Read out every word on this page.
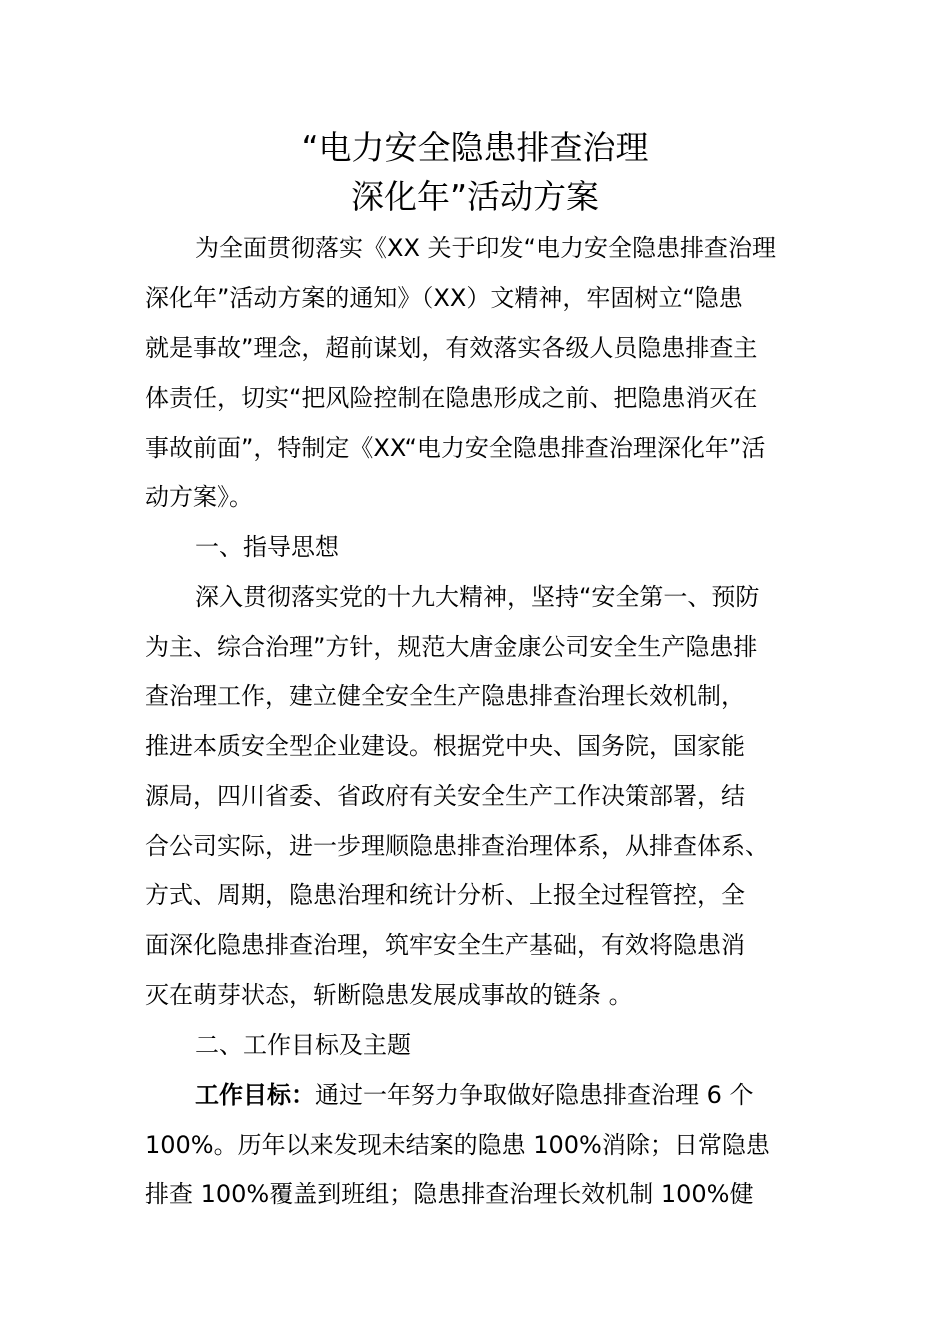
“电力安全隐患排查治理
深化年”活动方案
为全面贯彻落实《XX 关于印发“电力安全隐患排查治理
深化年”活动方案的通知》（XX）文精神，牢固树立“隐患
就是事故”理念，超前谋划，有效落实各级人员隐患排查主
体责任，切实“把风险控制在隐患形成之前、把隐患消灭在
事故前面”，特制定《XX“电力安全隐患排查治理深化年”活
动方案》。
一、指导思想
深入贯彻落实党的十九大精神，坚持“安全第一、预防
为主、综合治理”方针，规范大唐金康公司安全生产隐患排
查治理工作，建立健全安全生产隐患排查治理长效机制，
推进本质安全型企业建设。根据党中央、国务院，国家能
源局，四川省委、省政府有关安全生产工作决策部署，结
合公司实际，进一步理顺隐患排查治理体系，从排查体系、
方式、周期，隐患治理和统计分析、上报全过程管控，全
面深化隐患排查治理，筑牢安全生产基础，有效将隐患消
灭在萌芽状态，斩断隐患发展成事故的链条 。
二、工作目标及主题
工作目标：通过一年努力争取做好隐患排查治理 6 个
100%。历年以来发现未结案的隐患 100%消除；日常隐患
排查 100%覆盖到班组；隐患排查治理长效机制 100%健
